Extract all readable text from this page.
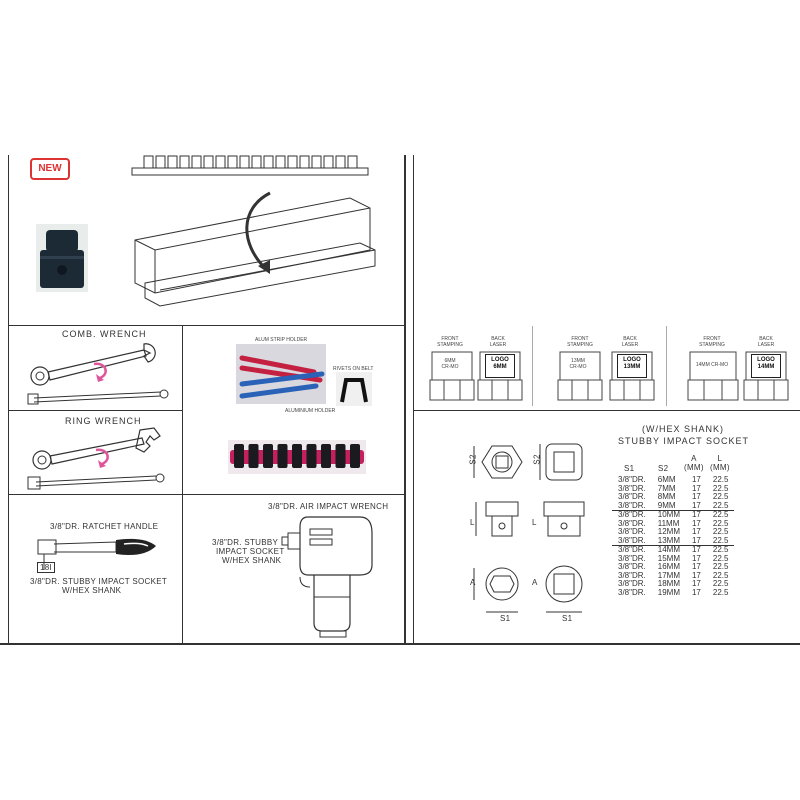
NEW
COMB. WRENCH
RING WRENCH
ALUM STRIP HOLDER
RIVETS ON BELT
ALUMINIUM HOLDER
3/8"DR. RATCHET HANDLE
18I
3/8"DR. STUBBY IMPACT SOCKET
W/HEX SHANK
3/8"DR. AIR IMPACT WRENCH
3/8"DR. STUBBY
IMPACT SOCKET
W/HEX SHANK
FRONT
STAMPING
BACK
LASER
FRONT
STAMPING
BACK
LASER
FRONT
STAMPING
BACK
LASER
6MM
CR-MO
LOGO
6MM
13MM
CR-MO
LOGO
13MM	14MM CR-MO
LOGO
14MM
S2	S2
L	L
A	A
S1	S1
(W/HEX SHANK)
STUBBY IMPACT SOCKET
S1	S2
A
(MM)
L
(MM)
3/8"DR.	6MM	17	22.5
3/8"DR.	7MM	17	22.5
3/8"DR.	8MM	17	22.5
3/8"DR.	9MM	17	22.5
3/8"DR.	10MM	17	22.5
3/8"DR.	11MM	17	22.5
3/8"DR.	12MM	17	22.5
3/8"DR.	13MM	17	22.5
3/8"DR.	14MM	17	22.5
3/8"DR.	15MM	17	22.5
3/8"DR.	16MM	17	22.5
3/8"DR.	17MM	17	22.5
3/8"DR.	18MM	17	22.5
3/8"DR.	19MM	17	22.5
